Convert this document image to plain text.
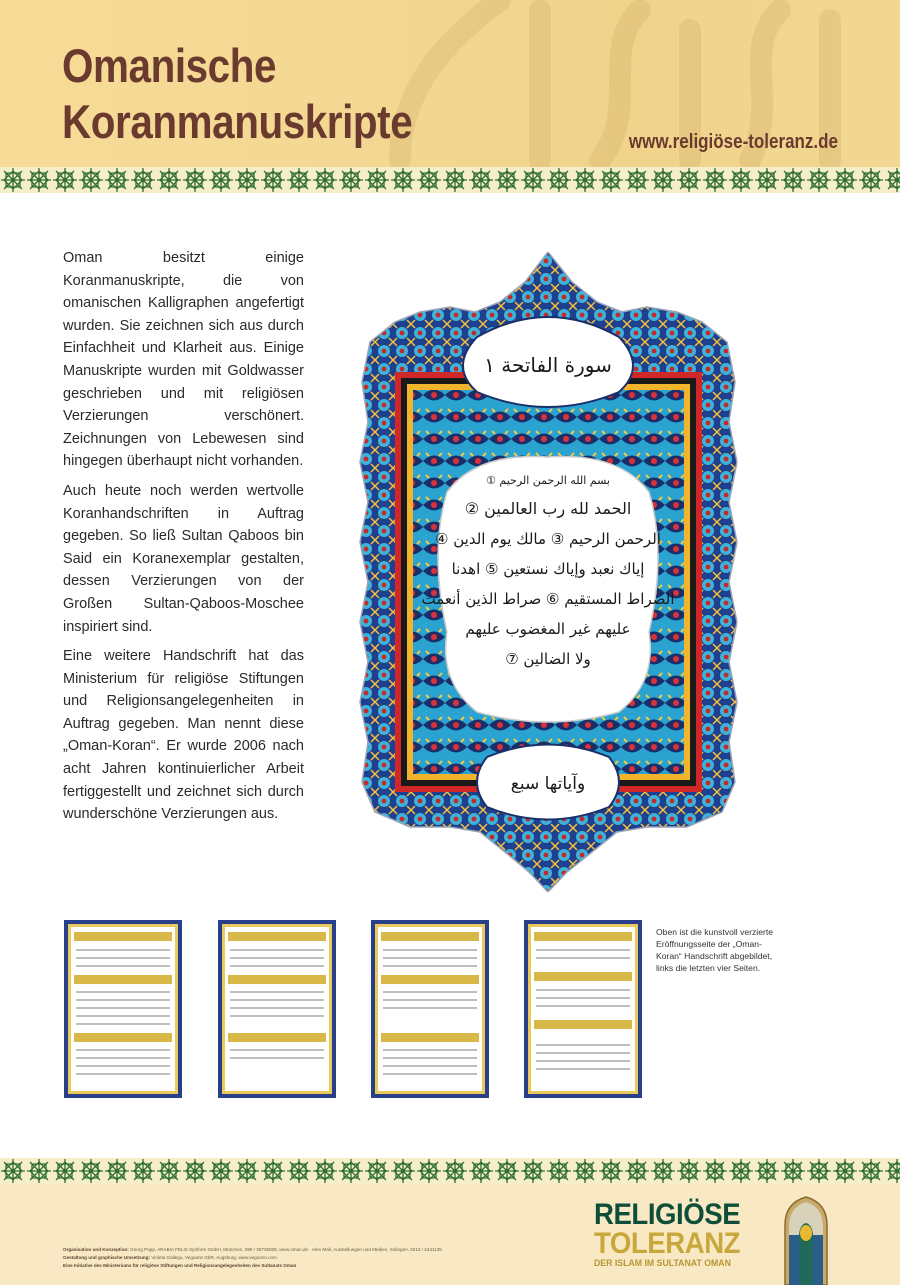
Omanische
Koranmanuskripte	www.religiöse-toleranz.de

Oman besitzt einige Koranmanuskripte, die von omanischen Kalligraphen angefertigt wurden. Sie zeichnen sich aus durch Einfachheit und Klarheit aus. Einige Manuskripte wurden mit Goldwasser geschrieben und mit religiösen Verzierungen verschönert. Zeichnungen von Lebewesen sind hingegen überhaupt nicht vorhanden.

Auch heute noch werden wertvolle Koranhandschriften in Auftrag gegeben. So ließ Sultan Qaboos bin Said ein Koranexemplar gestalten, dessen Verzierungen von der Großen Sultan-Qaboos-Moschee inspiriert sind.

Eine weitere Handschrift hat das Ministerium für religiöse Stiftungen und Religionsangelegenheiten in Auftrag gegeben. Man nennt diese „Oman-Koran“. Er wurde 2006 nach acht Jahren kontinuierlicher Arbeit fertiggestellt und zeichnet sich durch wunderschöne Verzierungen aus.

سورة الفاتحة ١
بسم الله الرحمن الرحيم ①
الحمد لله رب العالمين ②
الرحمن الرحيم ③ مالك يوم الدين ④
إياك نعبد وإياك نستعين ⑤ اهدنا
الصراط المستقيم ⑥ صراط الذين أنعمت
عليهم غير المغضوب عليهم
ولا الضالين ⑦
وآياتها سبع
Oben ist die kunstvoll verzierte Eröffnungsseite der „Oman-Koran“ Handschrift abgebildet, links die letzten vier Seiten.
Organisation und Konzeption: Georg Popp, ARABIA FELIX Synform GmbH, München, 089 / 30735008, www.oman.de · Alen Mall, Ausstellungen und Medien, Solingen, 0212 / 2441135
Gestaltung und graphische Umsetzung: Violeta Gallego, Vegoann GbR, Augsburg, www.vegoann.com
Eine Initiative des Ministeriums für religiöse Stiftungen und Religionsangelegenheiten des Sultanats Oman
RELIGIÖSE
TOLERANZ
DER ISLAM IM SULTANAT OMAN
